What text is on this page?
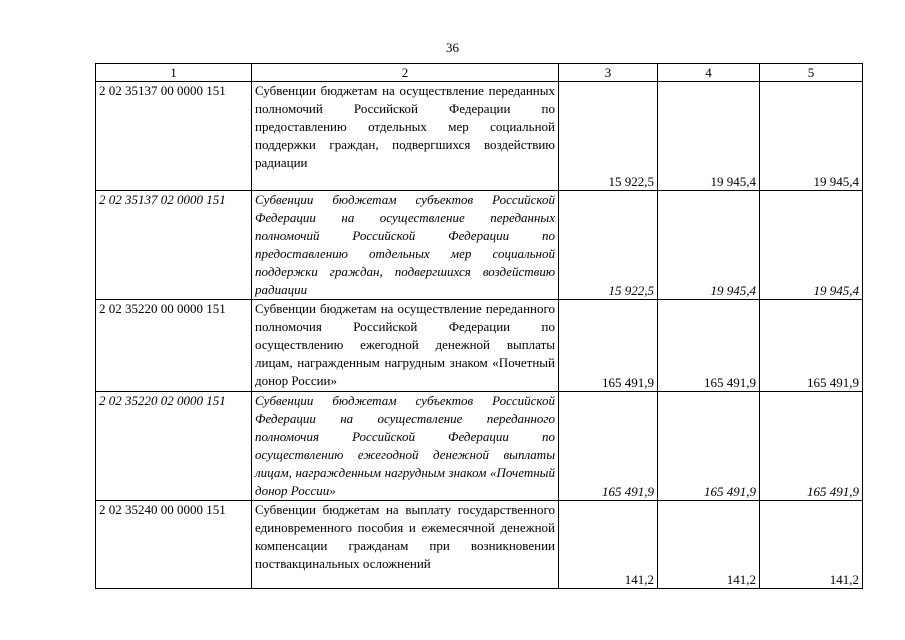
36
1	2	3	4	5
2 02 35137 00 0000 151	Субвенции бюджетам на осуществление переданных полномочий Российской Федерации по предоставлению отдельных мер социальной поддержки граждан, подвергшихся воздействию радиации	15 922,5	19 945,4	19 945,4
2 02 35137 02 0000 151	Субвенции бюджетам субъектов Российской Федерации на осуществление переданных полномочий Российской Федерации по предоставлению отдельных мер социальной поддержки граждан, подвергшихся воздействию радиации	15 922,5	19 945,4	19 945,4
2 02 35220 00 0000 151	Субвенции бюджетам на осуществление переданного полномочия Российской Федерации по осуществлению ежегодной денежной выплаты лицам, награжденным нагрудным знаком «Почетный донор России»	165 491,9	165 491,9	165 491,9
2 02 35220 02 0000 151	Субвенции бюджетам субъектов Российской Федерации на осуществление переданного полномочия Российской Федерации по осуществлению ежегодной денежной выплаты лицам, награжденным нагрудным знаком «Почетный донор России»	165 491,9	165 491,9	165 491,9
2 02 35240 00 0000 151	Субвенции бюджетам на выплату государственного единовременного пособия и ежемесячной денежной компенсации гражданам при возникновении поствакцинальных осложнений	141,2	141,2	141,2
